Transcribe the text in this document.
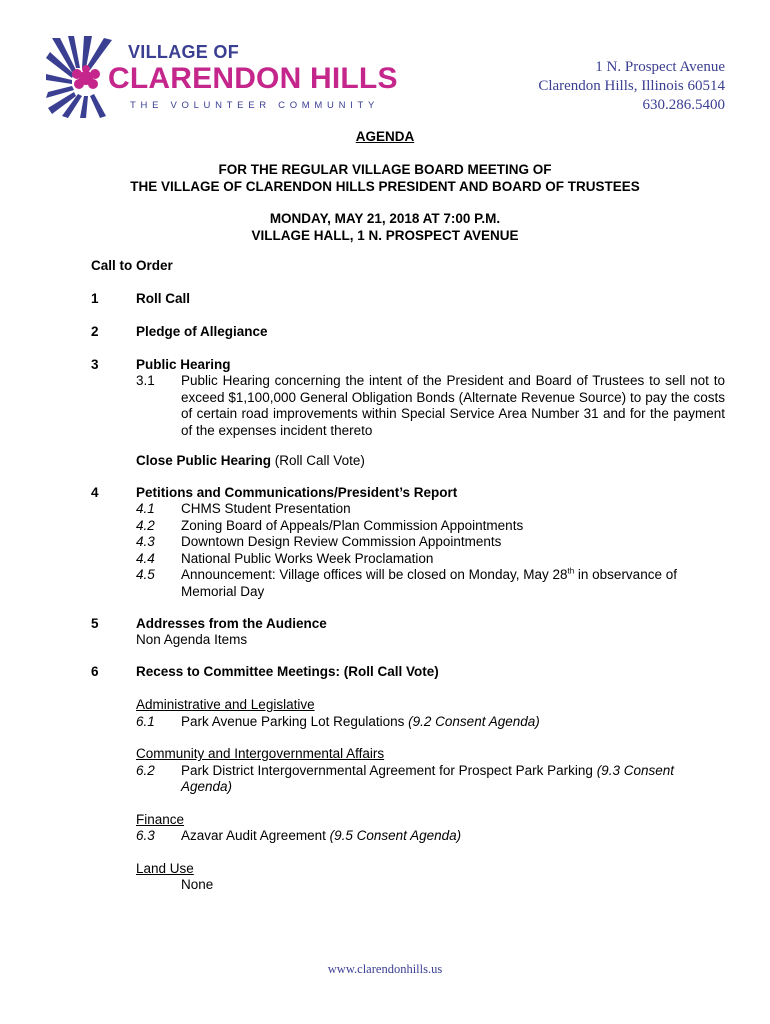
VILLAGE OF
CLARENDON HILLS
THE VOLUNTEER COMMUNITY
1 N. Prospect Avenue
Clarendon Hills, Illinois 60514
630.286.5400
AGENDA
FOR THE REGULAR VILLAGE BOARD MEETING OF
THE VILLAGE OF CLARENDON HILLS PRESIDENT AND BOARD OF TRUSTEES
MONDAY, MAY 21, 2018 AT 7:00 P.M.
VILLAGE HALL, 1 N. PROSPECT AVENUE
Call to Order
1	Roll Call
2	Pledge of Allegiance
3	Public Hearing
3.1 Public Hearing concerning the intent of the President and Board of Trustees to sell not to exceed $1,100,000 General Obligation Bonds (Alternate Revenue Source) to pay the costs of certain road improvements within Special Service Area Number 31 and for the payment of the expenses incident thereto
Close Public Hearing (Roll Call Vote)
4	Petitions and Communications/President’s Report
4.1 CHMS Student Presentation
4.2 Zoning Board of Appeals/Plan Commission Appointments
4.3 Downtown Design Review Commission Appointments
4.4 National Public Works Week Proclamation
4.5 Announcement: Village offices will be closed on Monday, May 28th in observance of
Memorial Day
5	Addresses from the Audience
Non Agenda Items
6	Recess to Committee Meetings: (Roll Call Vote)
Administrative and Legislative
6.1 Park Avenue Parking Lot Regulations (9.2 Consent Agenda)
Community and Intergovernmental Affairs
6.2 Park District Intergovernmental Agreement for Prospect Park Parking (9.3 Consent
Agenda)
Finance
6.3 Azavar Audit Agreement (9.5 Consent Agenda)
Land Use
None
www.clarendonhills.us
